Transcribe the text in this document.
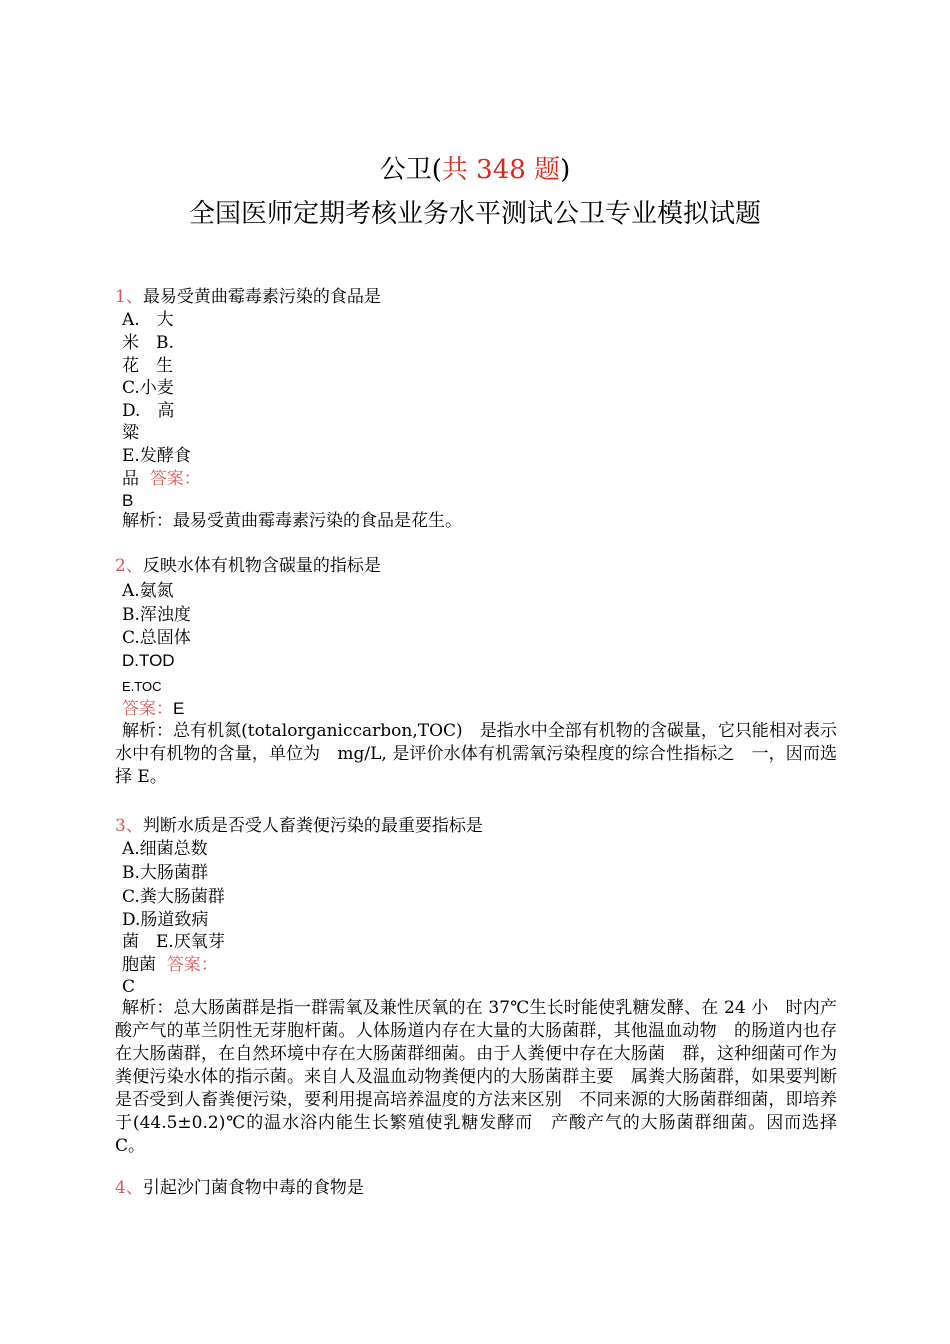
公卫(共 348 题)
全国医师定期考核业务水平测试公卫专业模拟试题
1、最易受黄曲霉毒素污染的食品是
A.　大
米　B.
花　生
C.小麦
D.　高
粱
E.发酵食
品 答案：
B
解析：最易受黄曲霉毒素污染的食品是花生。
2、反映水体有机物含碳量的指标是
A.氨氮
B.浑浊度
C.总固体
D.TOD
E.TOC
答案：E
解析：总有机氮(totalorganiccarbon,TOC)　是指水中全部有机物的含碳量，它只能相对表示水中有机物的含量，单位为　mg/L, 是评价水体有机需氧污染程度的综合性指标之　一，因而选择 E。
3、判断水质是否受人畜粪便污染的最重要指标是
A.细菌总数
B.大肠菌群
C.粪大肠菌群
D.肠道致病
菌　E.厌氧芽
胞菌 答案：
C
解析：总大肠菌群是指一群需氧及兼性厌氧的在 37℃生长时能使乳糖发酵、在 24 小　时内产酸产气的革兰阴性无芽胞杆菌。人体肠道内存在大量的大肠菌群，其他温血动物　的肠道内也存在大肠菌群，在自然环境中存在大肠菌群细菌。由于人粪便中存在大肠菌　群，这种细菌可作为粪便污染水体的指示菌。来自人及温血动物粪便内的大肠菌群主要　属粪大肠菌群，如果要判断是否受到人畜粪便污染，要利用提高培养温度的方法来区别　不同来源的大肠菌群细菌，即培养于(44.5±0.2)℃的温水浴内能生长繁殖使乳糖发酵而　产酸产气的大肠菌群细菌。因而选择 C。
4、引起沙门菌食物中毒的食物是
